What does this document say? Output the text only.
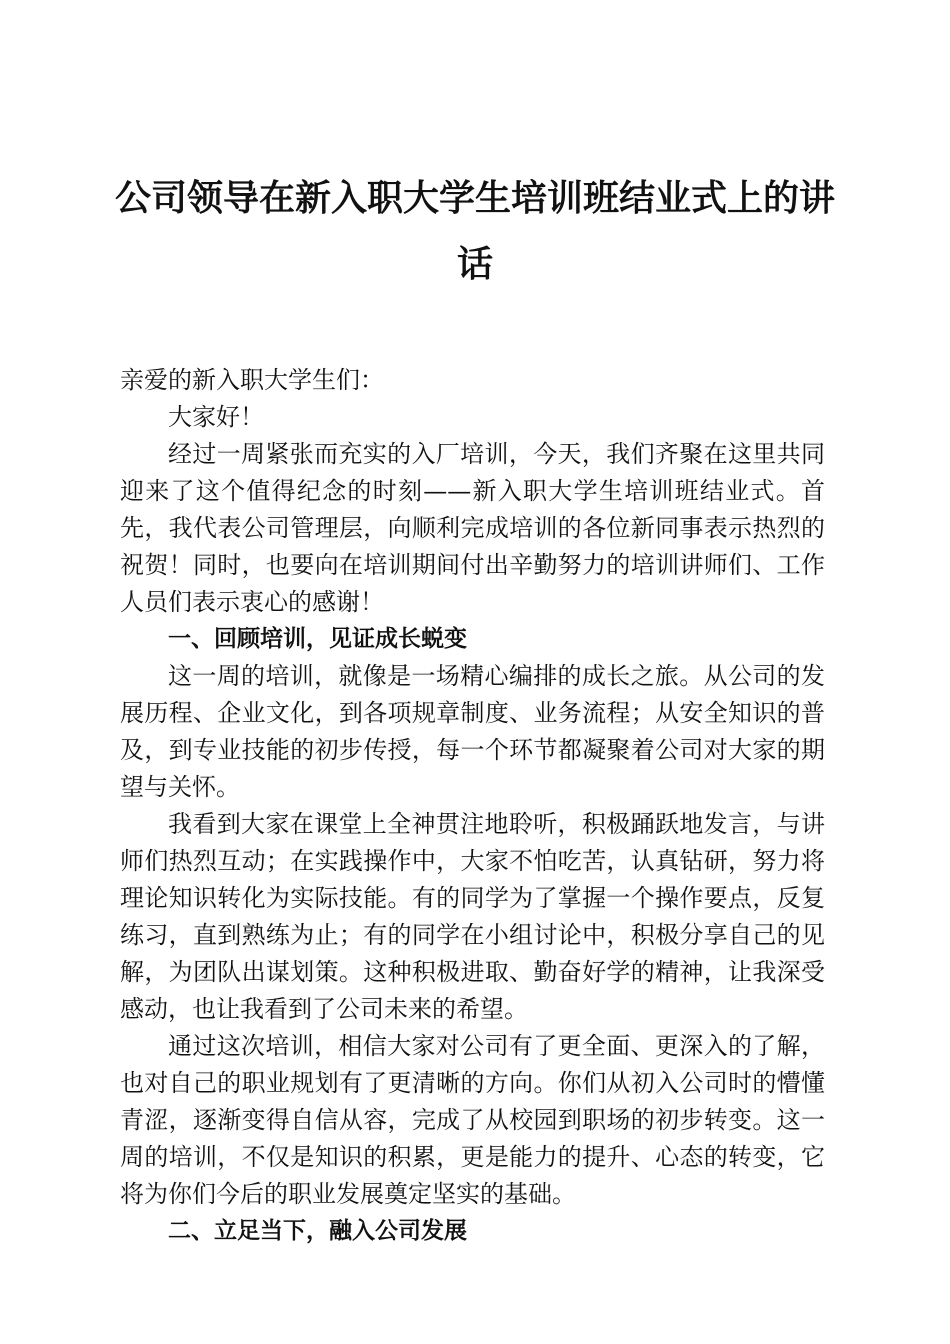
公司领导在新入职大学生培训班结业式上的讲话

亲爱的新入职大学生们：

大家好！

经过一周紧张而充实的入厂培训，今天，我们齐聚在这里共同迎来了这个值得纪念的时刻——新入职大学生培训班结业式。首先，我代表公司管理层，向顺利完成培训的各位新同事表示热烈的祝贺！同时，也要向在培训期间付出辛勤努力的培训讲师们、工作人员们表示衷心的感谢！

一、回顾培训，见证成长蜕变

这一周的培训，就像是一场精心编排的成长之旅。从公司的发展历程、企业文化，到各项规章制度、业务流程；从安全知识的普及，到专业技能的初步传授，每一个环节都凝聚着公司对大家的期望与关怀。

我看到大家在课堂上全神贯注地聆听，积极踊跃地发言，与讲师们热烈互动；在实践操作中，大家不怕吃苦，认真钻研，努力将理论知识转化为实际技能。有的同学为了掌握一个操作要点，反复练习，直到熟练为止；有的同学在小组讨论中，积极分享自己的见解，为团队出谋划策。这种积极进取、勤奋好学的精神，让我深受感动，也让我看到了公司未来的希望。

通过这次培训，相信大家对公司有了更全面、更深入的了解，也对自己的职业规划有了更清晰的方向。你们从初入公司时的懵懂青涩，逐渐变得自信从容，完成了从校园到职场的初步转变。这一周的培训，不仅是知识的积累，更是能力的提升、心态的转变，它将为你们今后的职业发展奠定坚实的基础。

二、立足当下，融入公司发展
